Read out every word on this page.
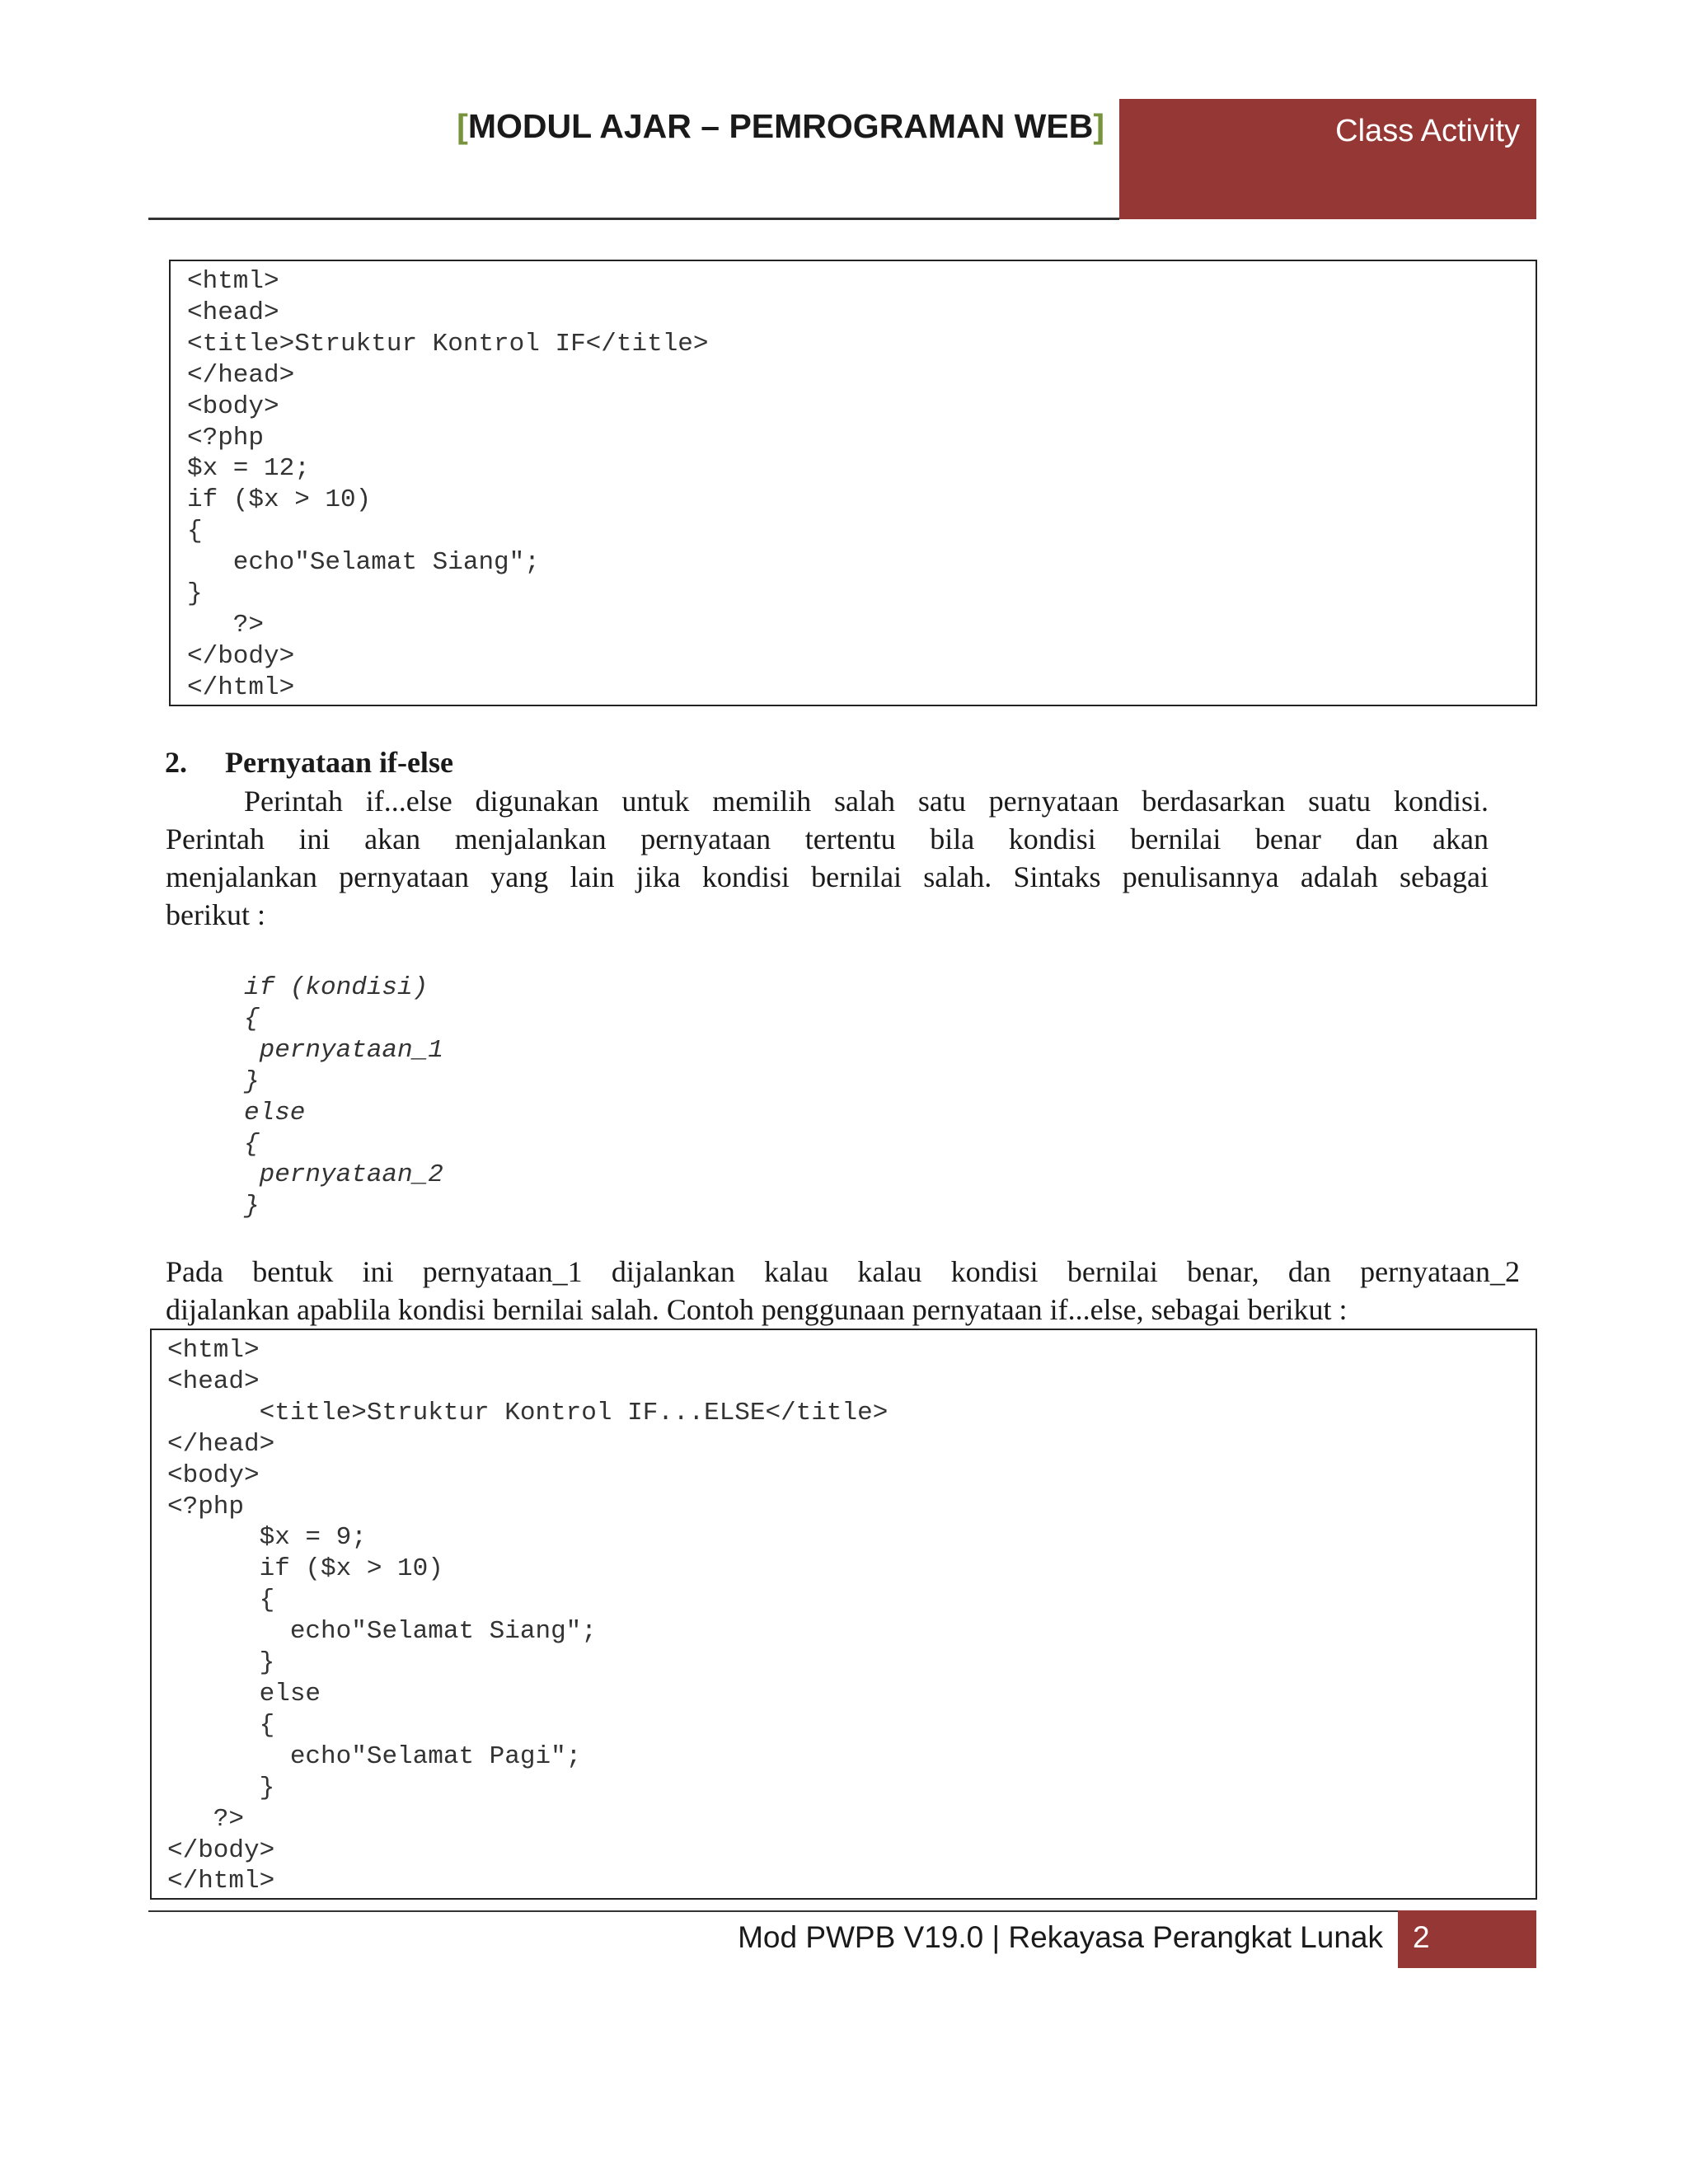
[MODUL AJAR – PEMROGRAMAN WEB]	Class Activity
<html>
<head>
<title>Struktur Kontrol IF</title>
</head>
<body>
<?php
$x = 12;
if ($x > 10)
{
echo"Selamat Siang";
}
?>
</body>
</html>
2. Pernyataan if-else
Perintah if...else digunakan untuk memilih salah satu pernyataan berdasarkan suatu kondisi.
Perintah ini akan menjalankan pernyataan tertentu bila kondisi bernilai benar dan akan
menjalankan pernyataan yang lain jika kondisi bernilai salah. Sintaks penulisannya adalah sebagai
berikut :
if (kondisi)
{
pernyataan_1
}
else
{
pernyataan_2
}
Pada bentuk ini pernyataan_1 dijalankan kalau kalau kondisi bernilai benar, dan pernyataan_2
dijalankan apablila kondisi bernilai salah. Contoh penggunaan pernyataan if...else, sebagai berikut :
<html>
<head>
<title>Struktur Kontrol IF...ELSE</title>
</head>
<body>
<?php
$x = 9;
if ($x > 10)
{
echo"Selamat Siang";
}
else
{
echo"Selamat Pagi";
}
?>
</body>
</html>
Mod PWPB V19.0 | Rekayasa Perangkat Lunak 2
